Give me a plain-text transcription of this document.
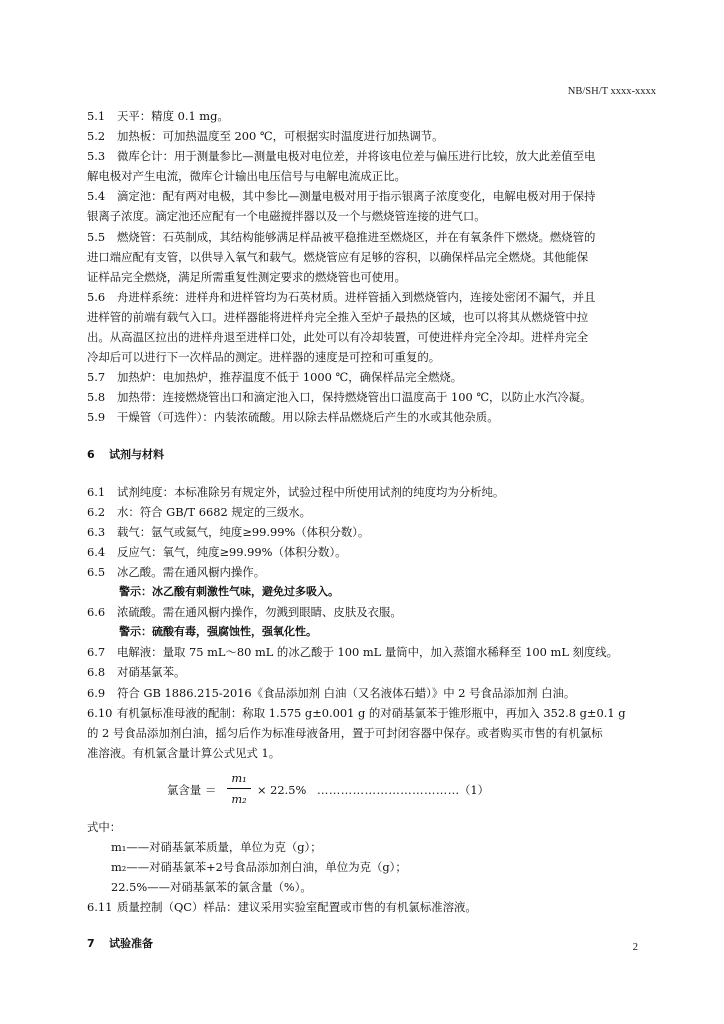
NB/SH/T xxxx-xxxx

5.1 天平：精度 0.1 mg。

5.2 加热板：可加热温度至 200 ℃，可根据实时温度进行加热调节。

5.3 微库仑计：用于测量参比—测量电极对电位差，并将该电位差与偏压进行比较，放大此差值至电

解电极对产生电流，微库仑计输出电压信号与电解电流成正比。

5.4 滴定池：配有两对电极，其中参比—测量电极对用于指示银离子浓度变化，电解电极对用于保持

银离子浓度。滴定池还应配有一个电磁搅拌器以及一个与燃烧管连接的进气口。

5.5 燃烧管：石英制成，其结构能够满足样品被平稳推进至燃烧区，并在有氧条件下燃烧。燃烧管的

进口端应配有支管，以供导入氧气和载气。燃烧管应有足够的容积，以确保样品完全燃烧。其他能保

证样品完全燃烧，满足所需重复性测定要求的燃烧管也可使用。

5.6 舟进样系统：进样舟和进样管均为石英材质。进样管插入到燃烧管内，连接处密闭不漏气，并且

进样管的前端有载气入口。进样器能将进样舟完全推入至炉子最热的区域，也可以将其从燃烧管中拉

出。从高温区拉出的进样舟退至进样口处，此处可以有冷却装置，可使进样舟完全冷却。进样舟完全

冷却后可以进行下一次样品的测定。进样器的速度是可控和可重复的。

5.7 加热炉：电加热炉，推荐温度不低于 1000 ℃，确保样品完全燃烧。

5.8 加热带：连接燃烧管出口和滴定池入口，保持燃烧管出口温度高于 100 ℃，以防止水汽冷凝。

5.9 干燥管（可选件）：内装浓硫酸。用以除去样品燃烧后产生的水或其他杂质。

6 试剂与材料

6.1 试剂纯度：本标准除另有规定外，试验过程中所使用试剂的纯度均为分析纯。

6.2 水：符合 GB/T 6682 规定的三级水。

6.3 载气：氩气或氦气，纯度≥99.99%（体积分数）。

6.4 反应气：氧气，纯度≥99.99%（体积分数）。

6.5 冰乙酸。需在通风橱内操作。

警示：冰乙酸有刺激性气味，避免过多吸入。

6.6 浓硫酸。需在通风橱内操作，勿溅到眼睛、皮肤及衣服。

警示：硫酸有毒，强腐蚀性，强氧化性。

6.7 电解液：量取 75 mL～80 mL 的冰乙酸于 100 mL 量筒中，加入蒸馏水稀释至 100 mL 刻度线。

6.8 对硝基氯苯。

6.9 符合 GB 1886.215-2016《食品添加剂 白油（又名液体石蜡）》中 2 号食品添加剂 白油。

6.10 有机氯标准母液的配制：称取 1.575 g±0.001 g 的对硝基氯苯于锥形瓶中，再加入 352.8 g±0.1 g

的 2 号食品添加剂白油，摇匀后作为标准母液备用，置于可封闭容器中保存。或者购买市售的有机氯标

准溶液。有机氯含量计算公式见式 1。

氯含量 ＝
m₁
m₂
× 22.5% ……………………………… （1）

式中：

m₁——对硝基氯苯质量，单位为克（g）；

m₂——对硝基氯苯+2号食品添加剂白油，单位为克（g）；

22.5%——对硝基氯苯的氯含量（%）。

6.11 质量控制（QC）样品：建议采用实验室配置或市售的有机氯标准溶液。

7 试验准备	2
